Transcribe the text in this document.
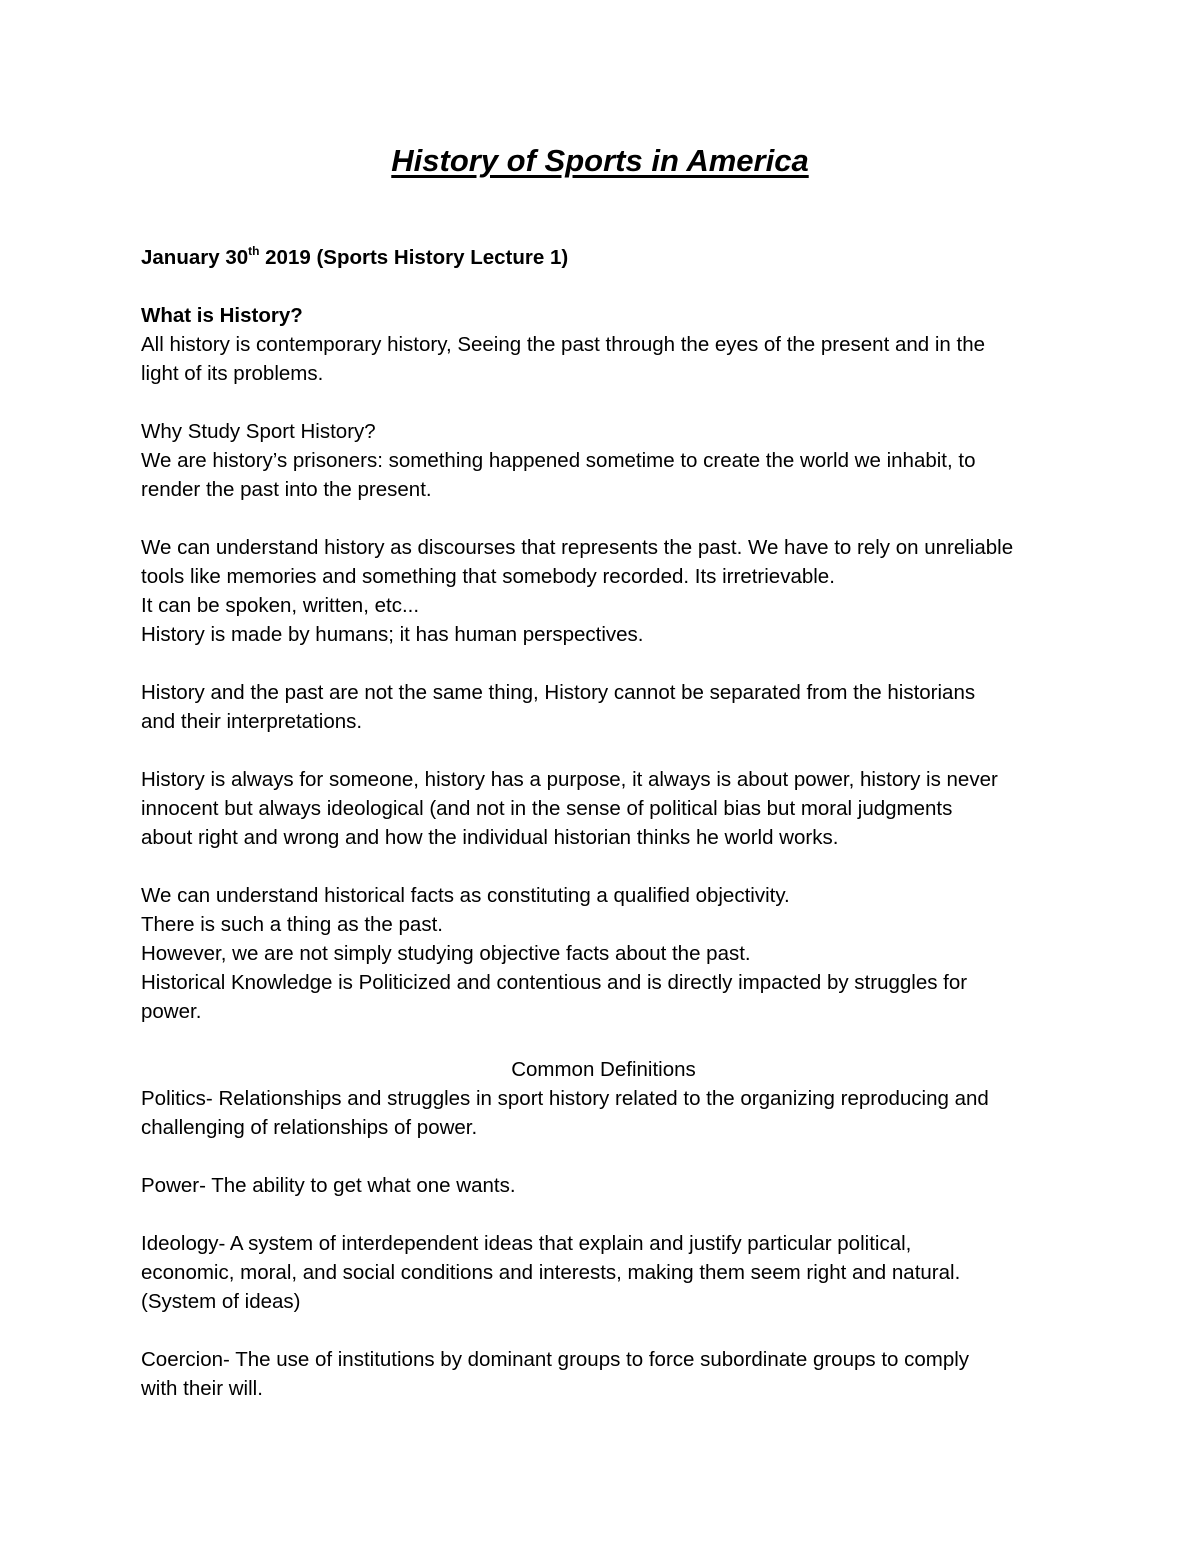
History of Sports in America
January 30th 2019 (Sports History Lecture 1)
What is History?
All history is contemporary history, Seeing the past through the eyes of the present and in the
light of its problems.
Why Study Sport History?
We are history’s prisoners: something happened sometime to create the world we inhabit, to
render the past into the present.
We can understand history as discourses that represents the past. We have to rely on unreliable
tools like memories and something that somebody recorded. Its irretrievable.
It can be spoken, written, etc...
History is made by humans; it has human perspectives.
History and the past are not the same thing, History cannot be separated from the historians
and their interpretations.
History is always for someone, history has a purpose, it always is about power, history is never
innocent but always ideological (and not in the sense of political bias but moral judgments
about right and wrong and how the individual historian thinks he world works.
We can understand historical facts as constituting a qualified objectivity.
There is such a thing as the past.
However, we are not simply studying objective facts about the past.
Historical Knowledge is Politicized and contentious and is directly impacted by struggles for
power.
Common Definitions
Politics- Relationships and struggles in sport history related to the organizing reproducing and
challenging of relationships of power.
Power- The ability to get what one wants.
Ideology- A system of interdependent ideas that explain and justify particular political,
economic, moral, and social conditions and interests, making them seem right and natural.
(System of ideas)
Coercion- The use of institutions by dominant groups to force subordinate groups to comply
with their will.
